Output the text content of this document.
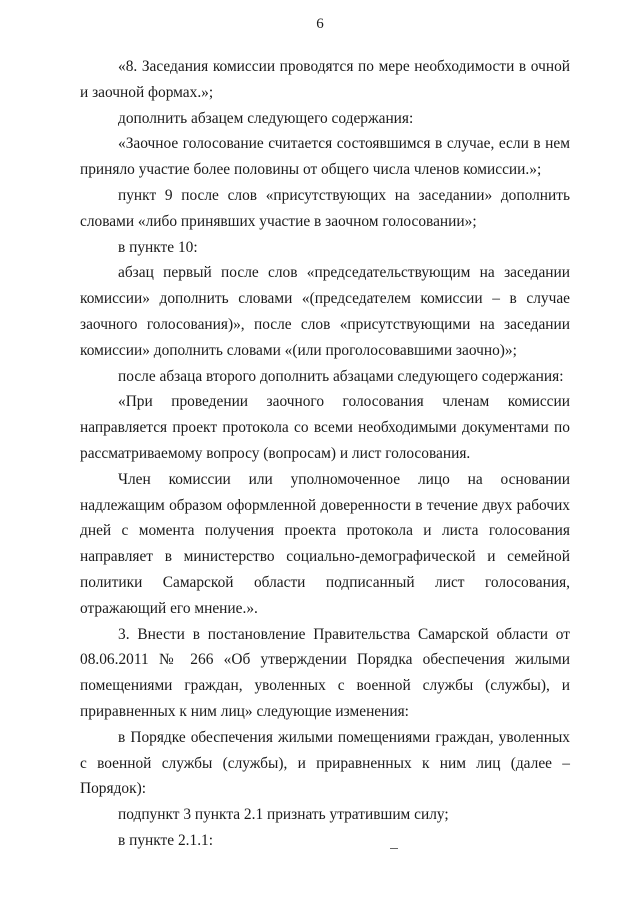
6

«8. Заседания комиссии проводятся по мере необходимости в очной и заочной формах.»;

дополнить абзацем следующего содержания:

«Заочное голосование считается состоявшимся в случае, если в нем приняло участие более половины от общего числа членов комиссии.»;

пункт 9 после слов «присутствующих на заседании» дополнить словами «либо принявших участие в заочном голосовании»;

в пункте 10:

абзац первый после слов «председательствующим на заседании комиссии» дополнить словами «(председателем комиссии – в случае заочного голосования)», после слов «присутствующими на заседании комиссии» дополнить словами «(или проголосовавшими заочно)»;

после абзаца второго дополнить абзацами следующего содержания:

«При проведении заочного голосования членам комиссии направляется проект протокола со всеми необходимыми документами по рассматриваемому вопросу (вопросам) и лист голосования.

Член комиссии или уполномоченное лицо на основании надлежащим образом оформленной доверенности в течение двух рабочих дней с момента получения проекта протокола и листа голосования направляет в министерство социально-демографической и семейной политики Самарской области подписанный лист голосования, отражающий его мнение.».

3. Внести в постановление Правительства Самарской области от 08.06.2011 № 266 «Об утверждении Порядка обеспечения жилыми помещениями граждан, уволенных с военной службы (службы), и приравненных к ним лиц» следующие изменения:

в Порядке обеспечения жилыми помещениями граждан, уволенных с военной службы (службы), и приравненных к ним лиц (далее – Порядок):

подпункт 3 пункта 2.1 признать утратившим силу;

в пункте 2.1.1:
